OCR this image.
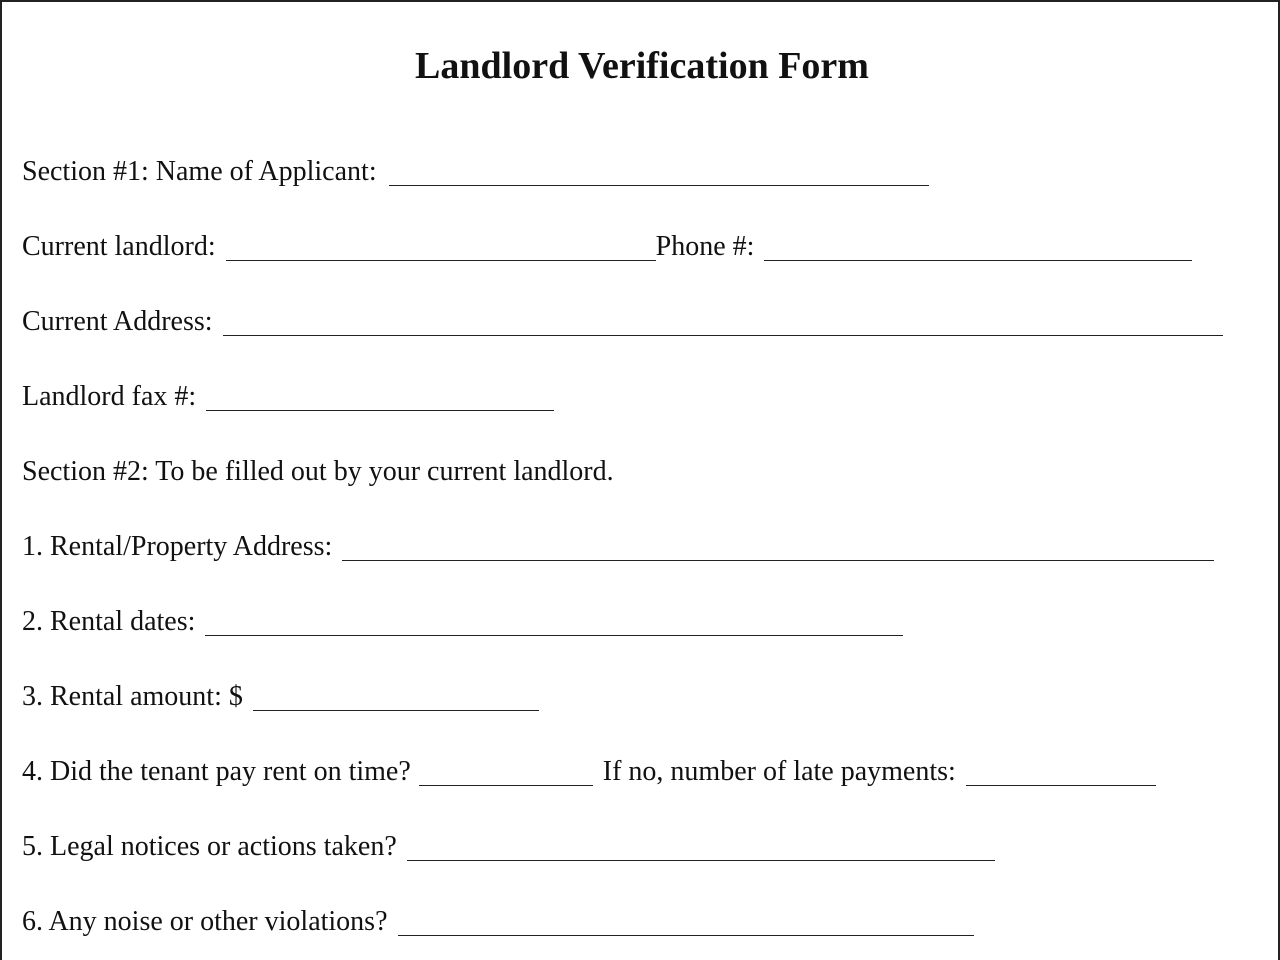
Landlord Verification Form
Section #1: Name of Applicant:
Current landlord:	Phone #:
Current Address:
Landlord fax #:
Section #2: To be filled out by your current landlord.
1. Rental/Property Address:
2. Rental dates:
3. Rental amount: $
4. Did the tenant pay rent on time?	If no, number of late payments:
5. Legal notices or actions taken?
6. Any noise or other violations?
